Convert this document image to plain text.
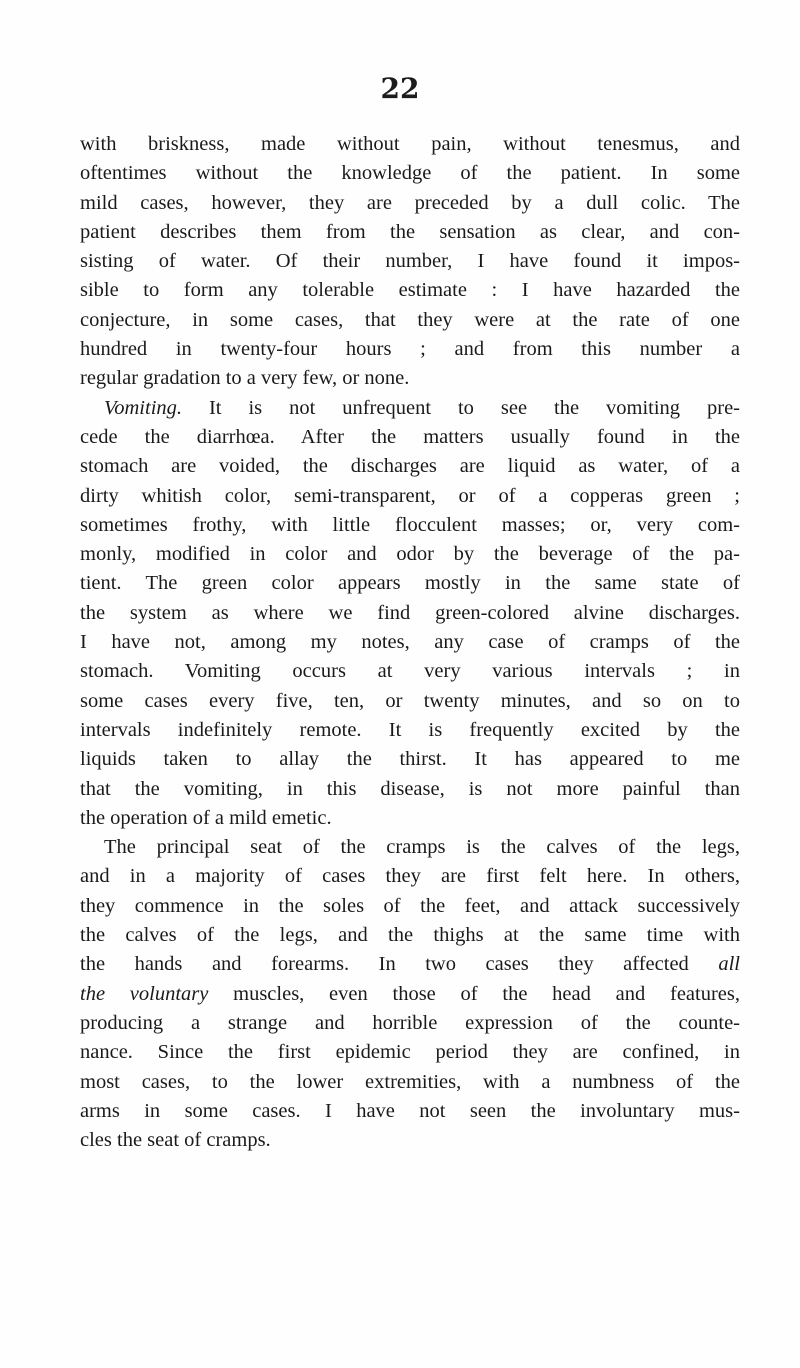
22
with briskness, made without pain, without tenesmus, and
oftentimes without the knowledge of the patient. In some
mild cases, however, they are preceded by a dull colic. The
patient describes them from the sensation as clear, and con-
sisting of water. Of their number, I have found it impos-
sible to form any tolerable estimate : I have hazarded the
conjecture, in some cases, that they were at the rate of one
hundred in twenty-four hours ; and from this number a
regular gradation to a very few, or none.
Vomiting. It is not unfrequent to see the vomiting pre-
cede the diarrhœa. After the matters usually found in the
stomach are voided, the discharges are liquid as water, of a
dirty whitish color, semi-transparent, or of a copperas green ;
sometimes frothy, with little flocculent masses; or, very com-
monly, modified in color and odor by the beverage of the pa-
tient. The green color appears mostly in the same state of
the system as where we find green-colored alvine discharges.
I have not, among my notes, any case of cramps of the
stomach. Vomiting occurs at very various intervals ; in
some cases every five, ten, or twenty minutes, and so on to
intervals indefinitely remote. It is frequently excited by the
liquids taken to allay the thirst. It has appeared to me
that the vomiting, in this disease, is not more painful than
the operation of a mild emetic.
The principal seat of the cramps is the calves of the legs,
and in a majority of cases they are first felt here. In others,
they commence in the soles of the feet, and attack successively
the calves of the legs, and the thighs at the same time with
the hands and forearms. In two cases they affected all
the voluntary muscles, even those of the head and features,
producing a strange and horrible expression of the counte-
nance. Since the first epidemic period they are confined, in
most cases, to the lower extremities, with a numbness of the
arms in some cases. I have not seen the involuntary mus-
cles the seat of cramps.
